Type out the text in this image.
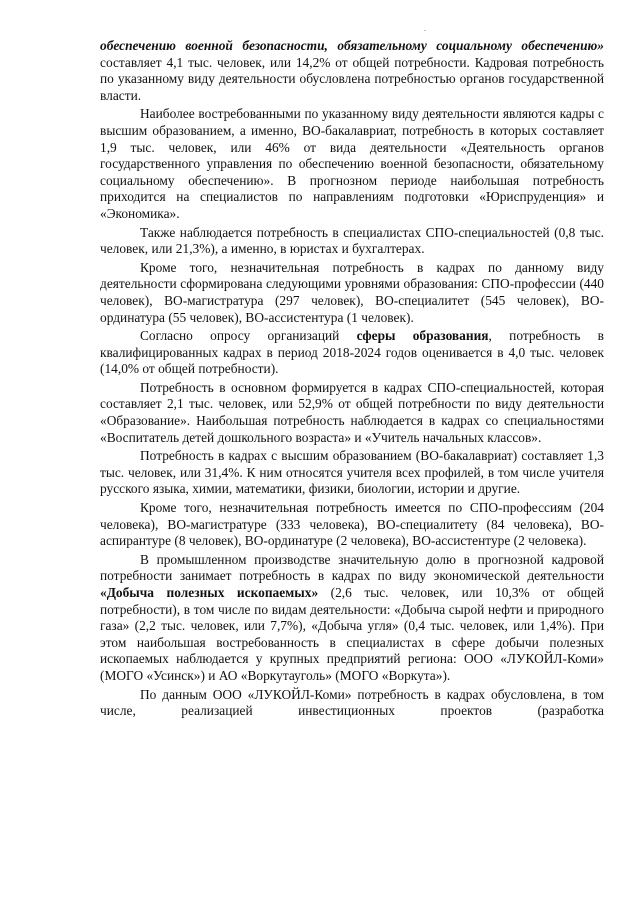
обеспечению военной безопасности, обязательному социальному обеспечению» составляет 4,1 тыс. человек, или 14,2% от общей потребности. Кадровая потребность по указанному виду деятельности обусловлена потребностью органов государственной власти.

Наиболее востребованными по указанному виду деятельности являются кадры с высшим образованием, а именно, ВО-бакалавриат, потребность в которых составляет 1,9 тыс. человек, или 46% от вида деятельности «Деятельность органов государственного управления по обеспечению военной безопасности, обязательному социальному обеспечению». В прогнозном периоде наибольшая потребность приходится на специалистов по направлениям подготовки «Юриспруденция» и «Экономика».

Также наблюдается потребность в специалистах СПО-специальностей (0,8 тыс. человек, или 21,3%), а именно, в юристах и бухгалтерах.

Кроме того, незначительная потребность в кадрах по данному виду деятельности сформирована следующими уровнями образования: СПО-профессии (440 человек), ВО-магистратура (297 человек), ВО-специалитет (545 человек), ВО-ординатура (55 человек), ВО-ассистентура (1 человек).

Согласно опросу организаций сферы образования, потребность в квалифицированных кадрах в период 2018-2024 годов оценивается в 4,0 тыс. человек (14,0% от общей потребности).

Потребность в основном формируется в кадрах СПО-специальностей, которая составляет 2,1 тыс. человек, или 52,9% от общей потребности по виду деятельности «Образование». Наибольшая потребность наблюдается в кадрах со специальностями «Воспитатель детей дошкольного возраста» и «Учитель начальных классов».

Потребность в кадрах с высшим образованием (ВО-бакалавриат) составляет 1,3 тыс. человек, или 31,4%. К ним относятся учителя всех профилей, в том числе учителя русского языка, химии, математики, физики, биологии, истории и другие.

Кроме того, незначительная потребность имеется по СПО-профессиям (204 человека), ВО-магистратуре (333 человека), ВО-специалитету (84 человека), ВО-аспирантуре (8 человек), ВО-ординатуре (2 человека), ВО-ассистентуре (2 человека).

В промышленном производстве значительную долю в прогнозной кадровой потребности занимает потребность в кадрах по виду экономической деятельности «Добыча полезных ископаемых» (2,6 тыс. человек, или 10,3% от общей потребности), в том числе по видам деятельности: «Добыча сырой нефти и природного газа» (2,2 тыс. человек, или 7,7%), «Добыча угля» (0,4 тыс. человек, или 1,4%). При этом наибольшая востребованность в специалистах в сфере добычи полезных ископаемых наблюдается у крупных предприятий региона: ООО «ЛУКОЙЛ-Коми» (МОГО «Усинск») и АО «Воркутауголь» (МОГО «Воркута»).

По данным ООО «ЛУКОЙЛ-Коми» потребность в кадрах обусловлена, в том числе, реализацией инвестиционных проектов (разработка
